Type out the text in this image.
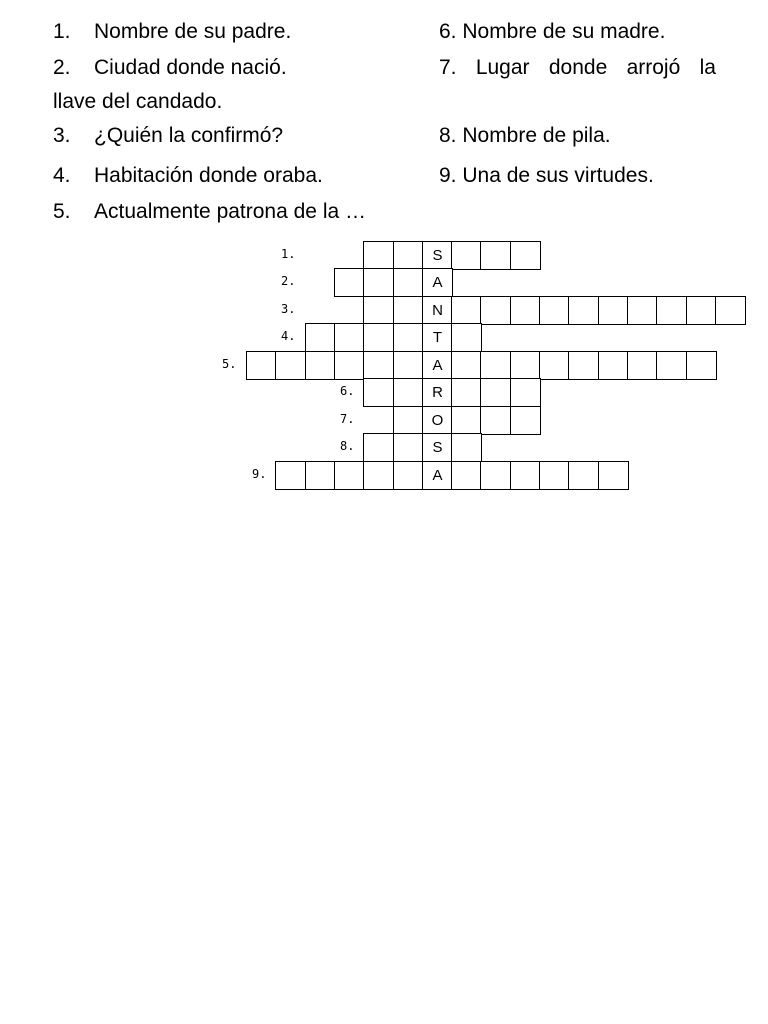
1. Nombre de su padre.
2. Ciudad donde nació.
llave del candado.
3. ¿Quién la confirmó?
4. Habitación donde oraba.
5. Actualmente patrona de la …
6. Nombre de su madre.
7. Lugar donde arrojó la
8. Nombre de pila.
9. Una de sus virtudes.
1.	S
2.	A
3.	N
4.	T
5.	A
6.	R
7.	O
8.	S
9.	A
